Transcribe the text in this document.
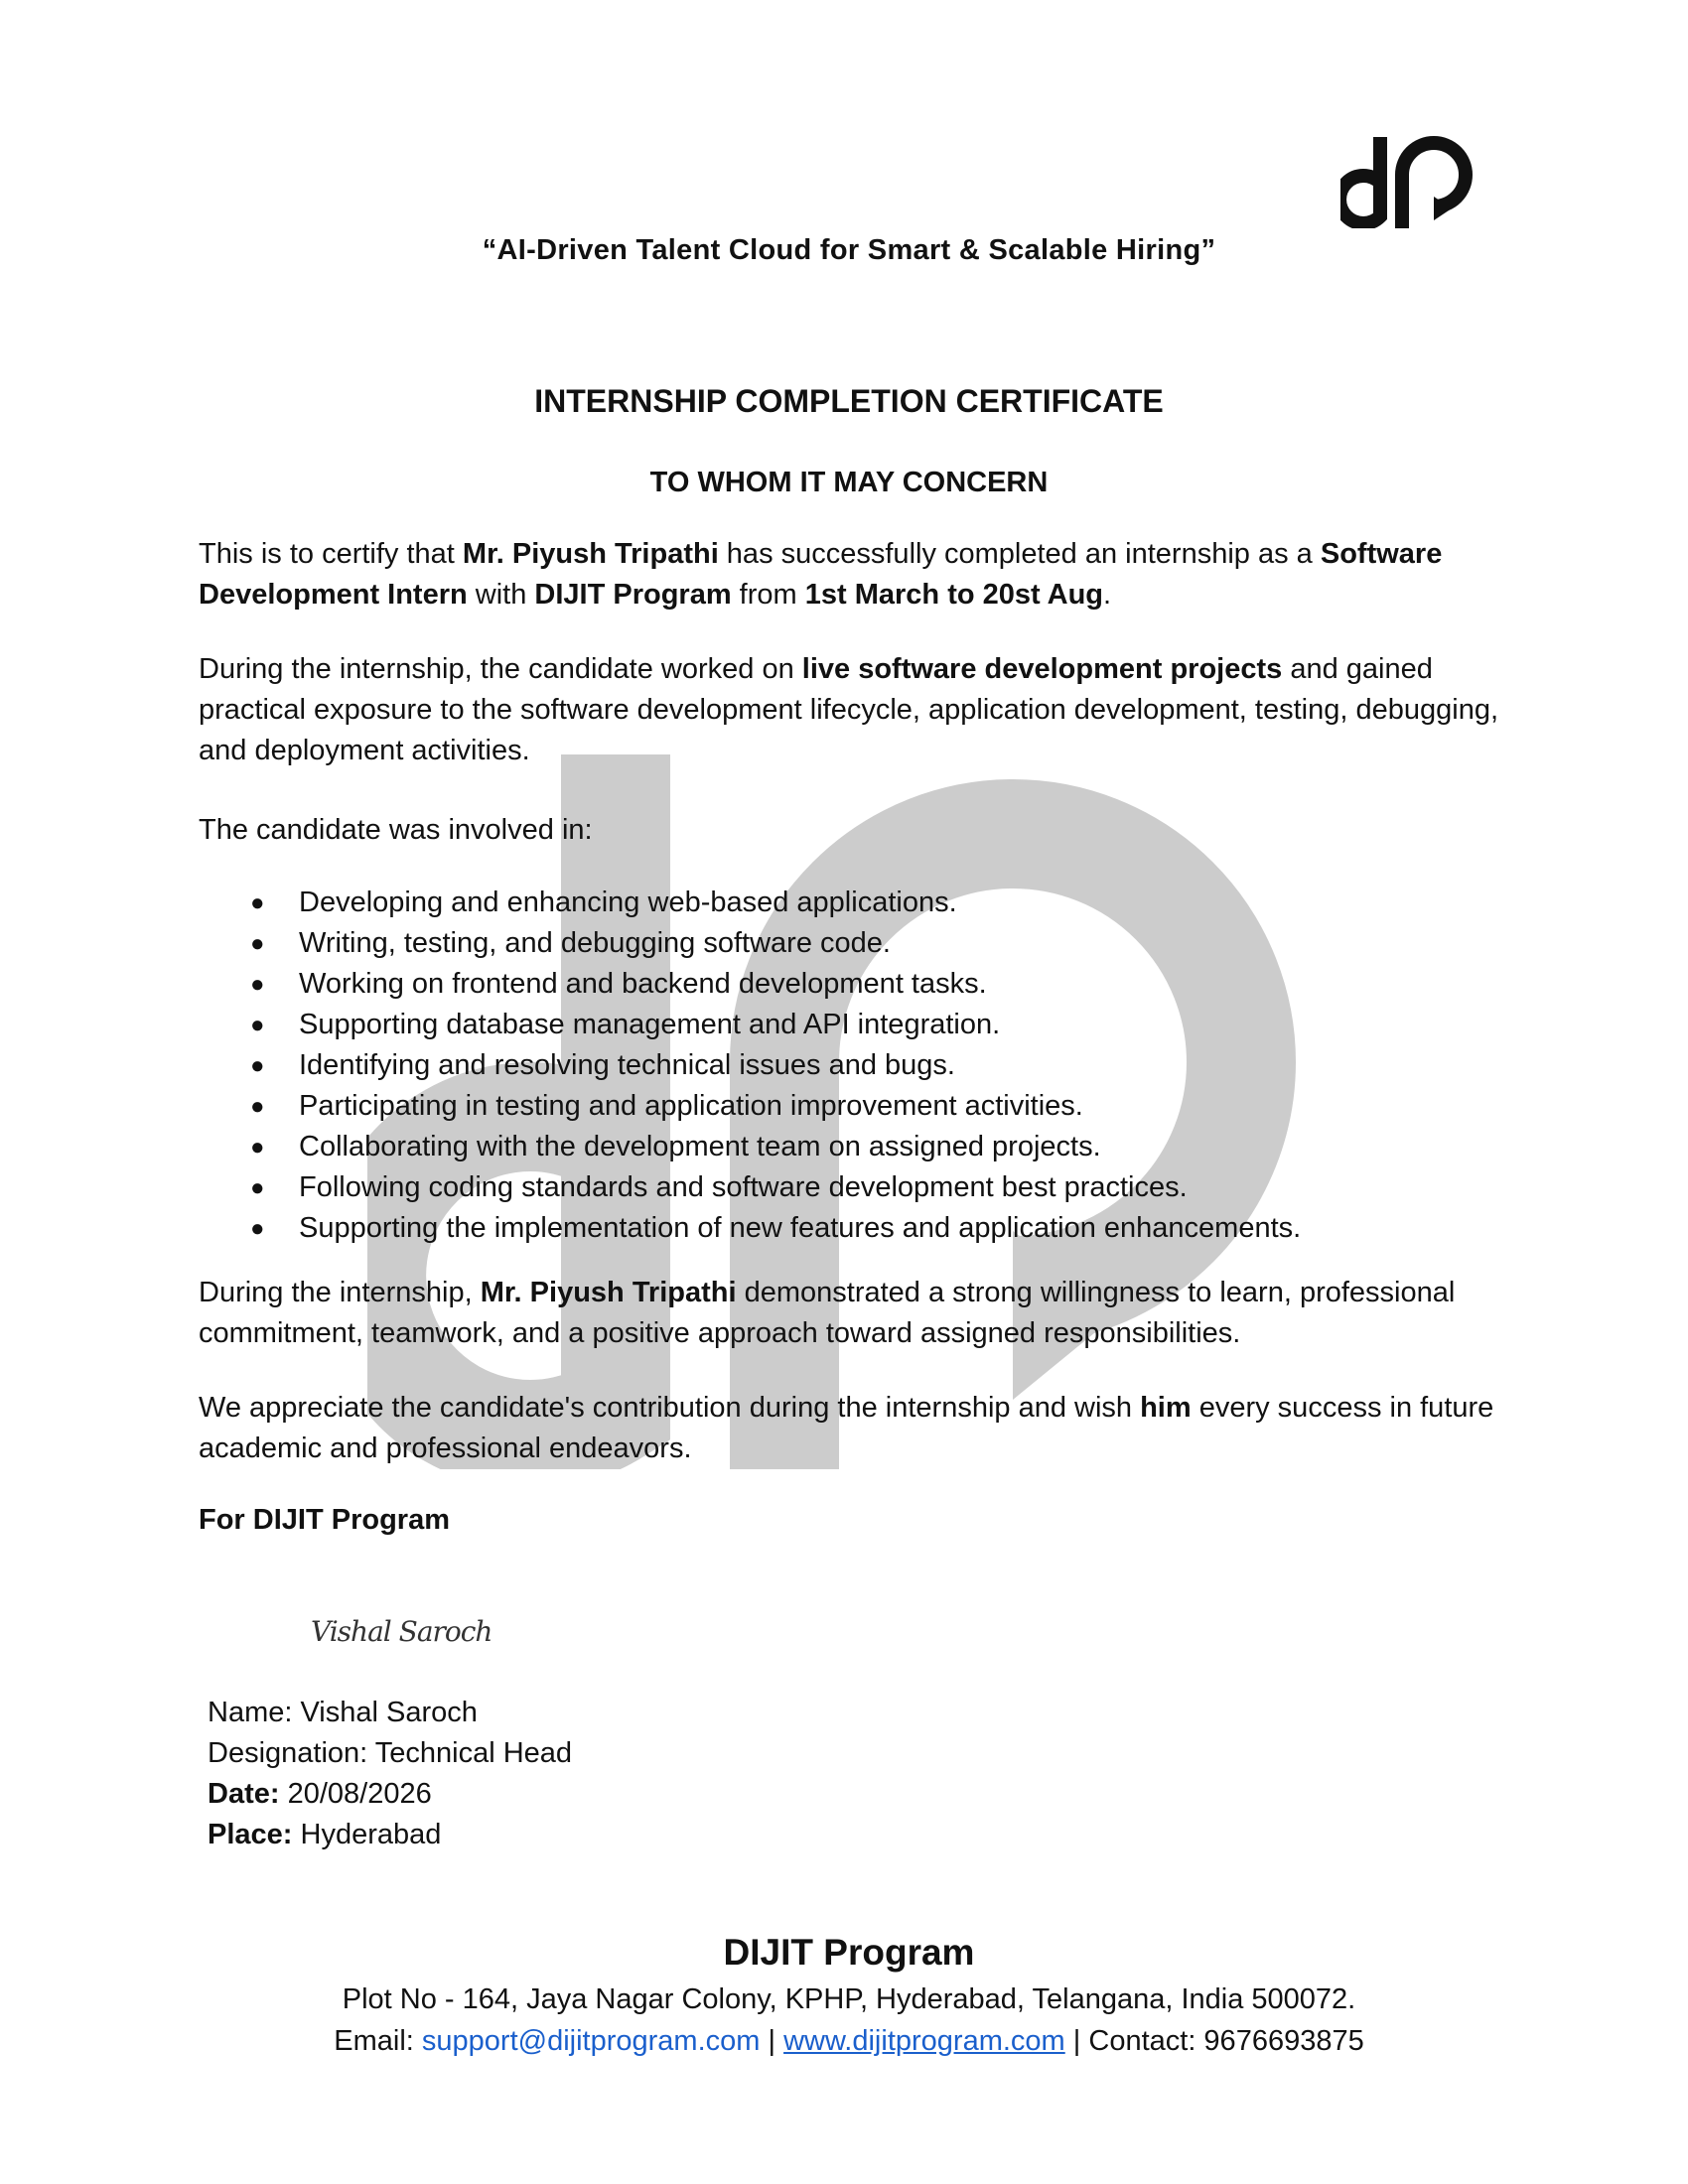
“AI-Driven Talent Cloud for Smart & Scalable Hiring”
INTERNSHIP COMPLETION CERTIFICATE
TO WHOM IT MAY CONCERN

This is to certify that Mr. Piyush Tripathi has successfully completed an internship as a Software Development Intern with DIJIT Program from 1st March to 20st Aug.

During the internship, the candidate worked on live software development projects and gained practical exposure to the software development lifecycle, application development, testing, debugging, and deployment activities.

The candidate was involved in:

● Developing and enhancing web-based applications.
● Writing, testing, and debugging software code.
● Working on frontend and backend development tasks.
● Supporting database management and API integration.
● Identifying and resolving technical issues and bugs.
● Participating in testing and application improvement activities.
● Collaborating with the development team on assigned projects.
● Following coding standards and software development best practices.
● Supporting the implementation of new features and application enhancements.

During the internship, Mr. Piyush Tripathi demonstrated a strong willingness to learn, professional commitment, teamwork, and a positive approach toward assigned responsibilities.

We appreciate the candidate's contribution during the internship and wish him every success in future academic and professional endeavors.

For DIJIT Program
Vishal Saroch
Name: Vishal Saroch
Designation: Technical Head
Date: 20/08/2026
Place: Hyderabad
DIJIT Program
Plot No - 164, Jaya Nagar Colony, KPHP, Hyderabad, Telangana, India 500072.
Email: support@dijitprogram.com | www.dijitprogram.com | Contact: 9676693875
